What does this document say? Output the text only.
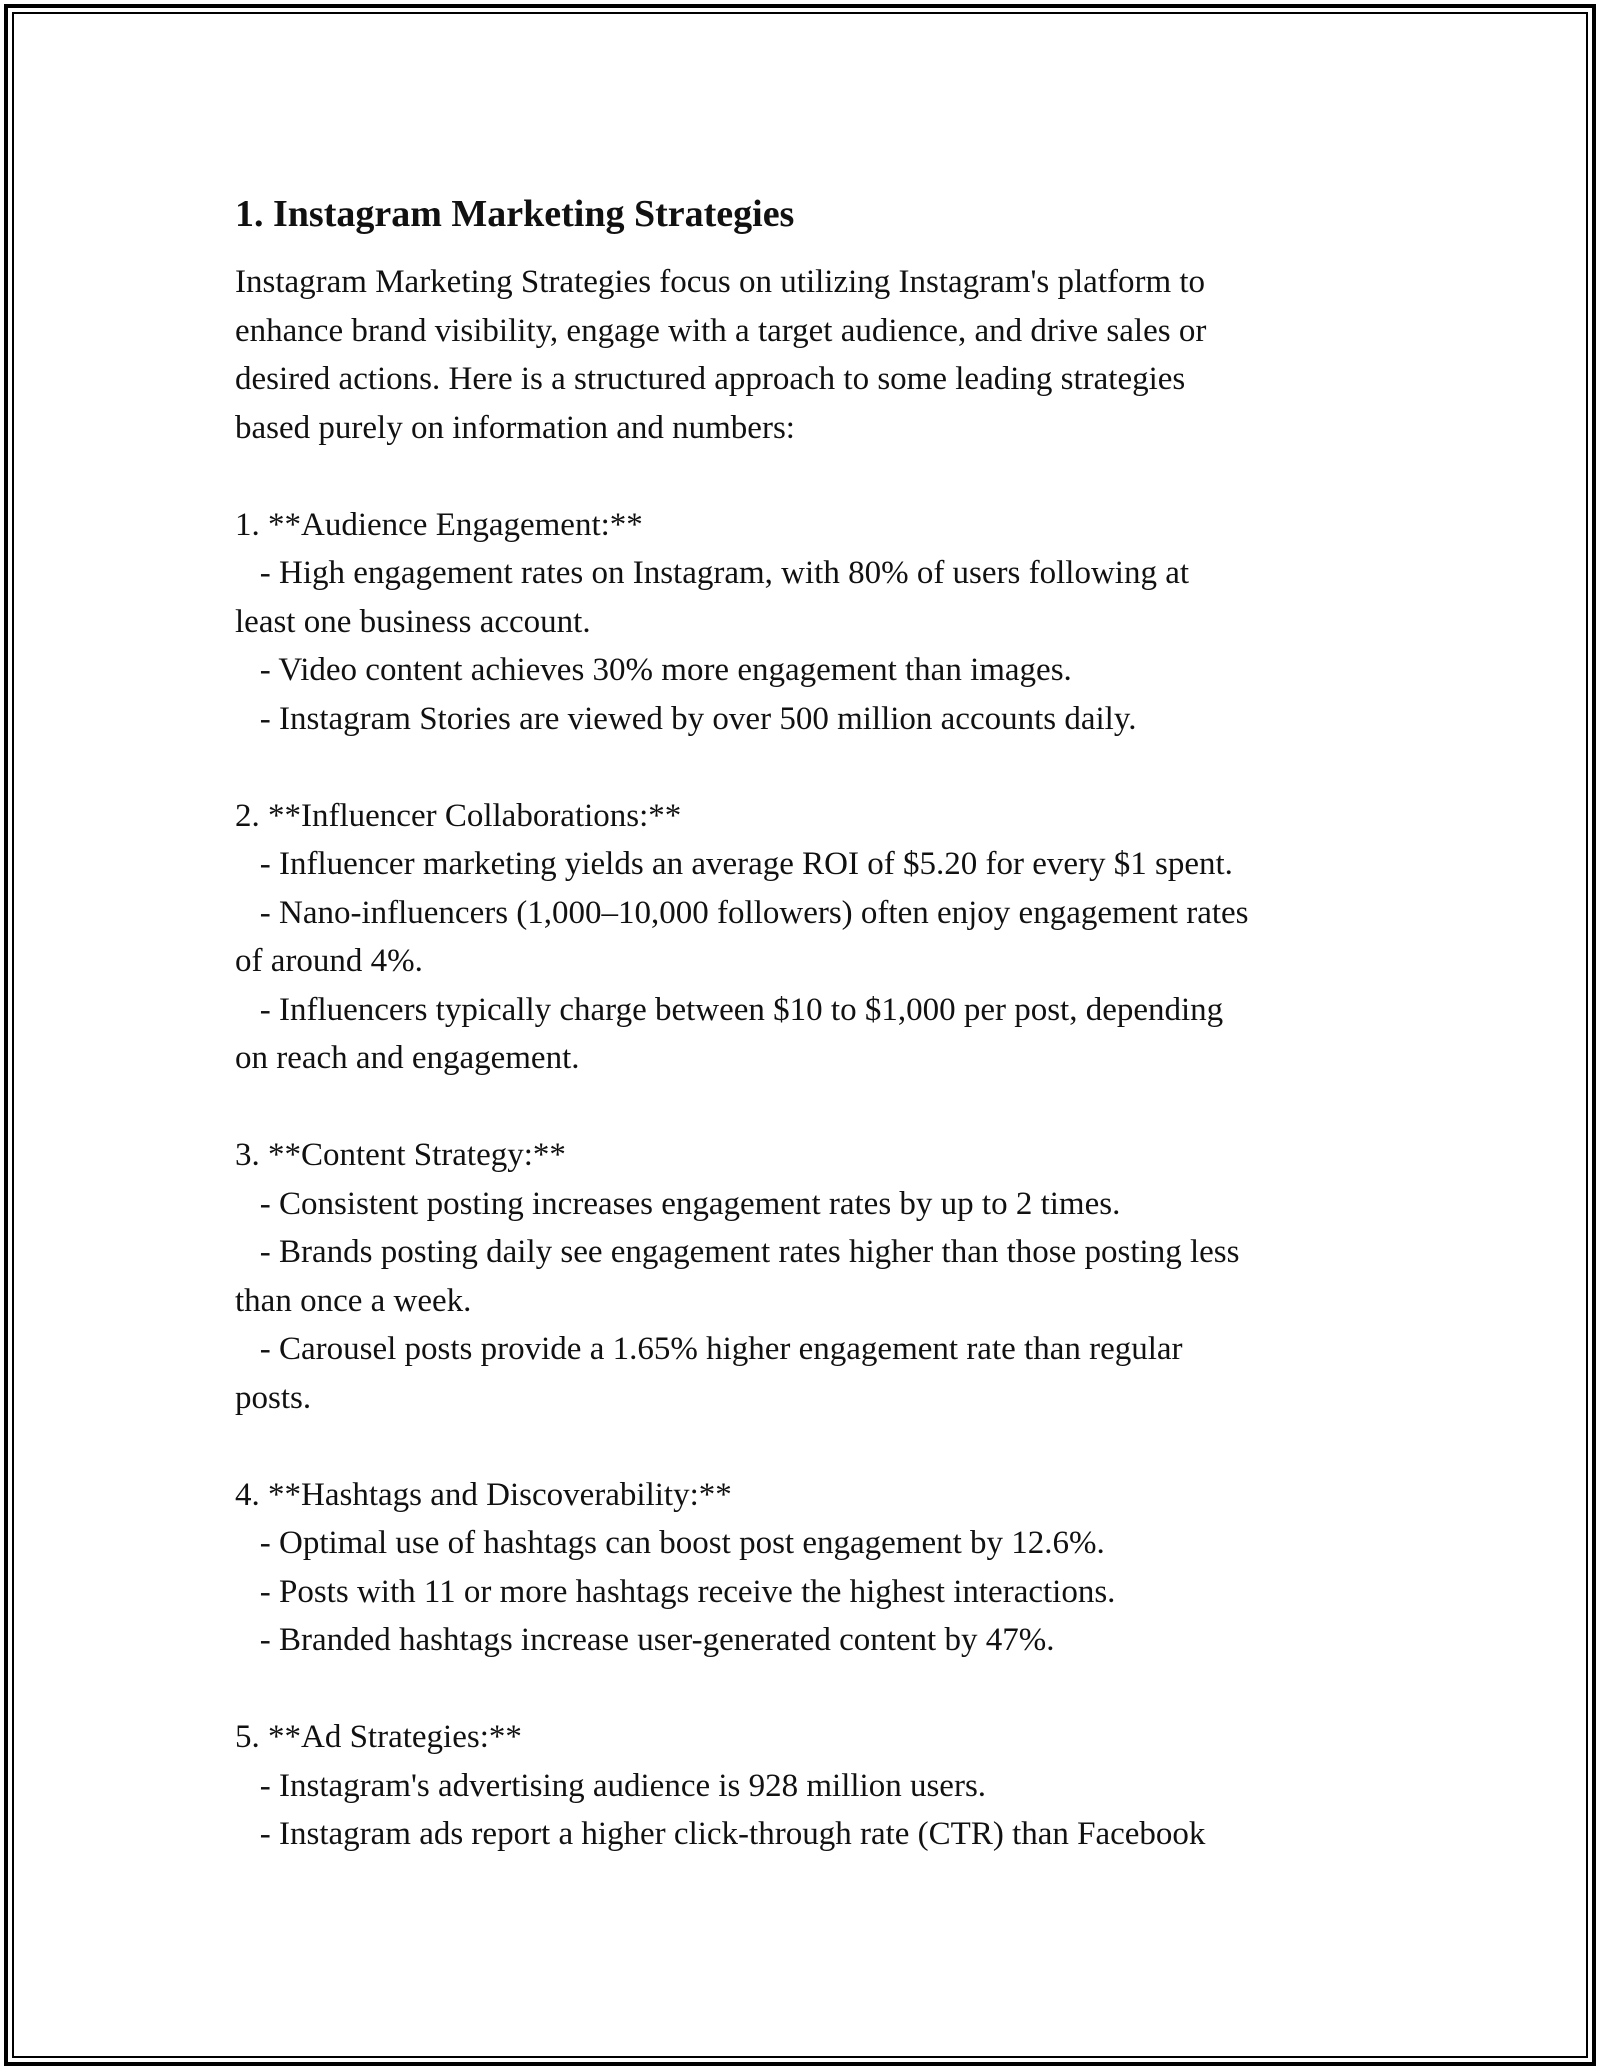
1. Instagram Marketing Strategies
Instagram Marketing Strategies focus on utilizing Instagram's platform to
enhance brand visibility, engage with a target audience, and drive sales or
desired actions. Here is a structured approach to some leading strategies
based purely on information and numbers:

1. **Audience Engagement:**
- High engagement rates on Instagram, with 80% of users following at
least one business account.
- Video content achieves 30% more engagement than images.
- Instagram Stories are viewed by over 500 million accounts daily.

2. **Influencer Collaborations:**
- Influencer marketing yields an average ROI of $5.20 for every $1 spent.
- Nano-influencers (1,000–10,000 followers) often enjoy engagement rates
of around 4%.
- Influencers typically charge between $10 to $1,000 per post, depending
on reach and engagement.

3. **Content Strategy:**
- Consistent posting increases engagement rates by up to 2 times.
- Brands posting daily see engagement rates higher than those posting less
than once a week.
- Carousel posts provide a 1.65% higher engagement rate than regular
posts.

4. **Hashtags and Discoverability:**
- Optimal use of hashtags can boost post engagement by 12.6%.
- Posts with 11 or more hashtags receive the highest interactions.
- Branded hashtags increase user-generated content by 47%.

5. **Ad Strategies:**
- Instagram's advertising audience is 928 million users.
- Instagram ads report a higher click-through rate (CTR) than Facebook
